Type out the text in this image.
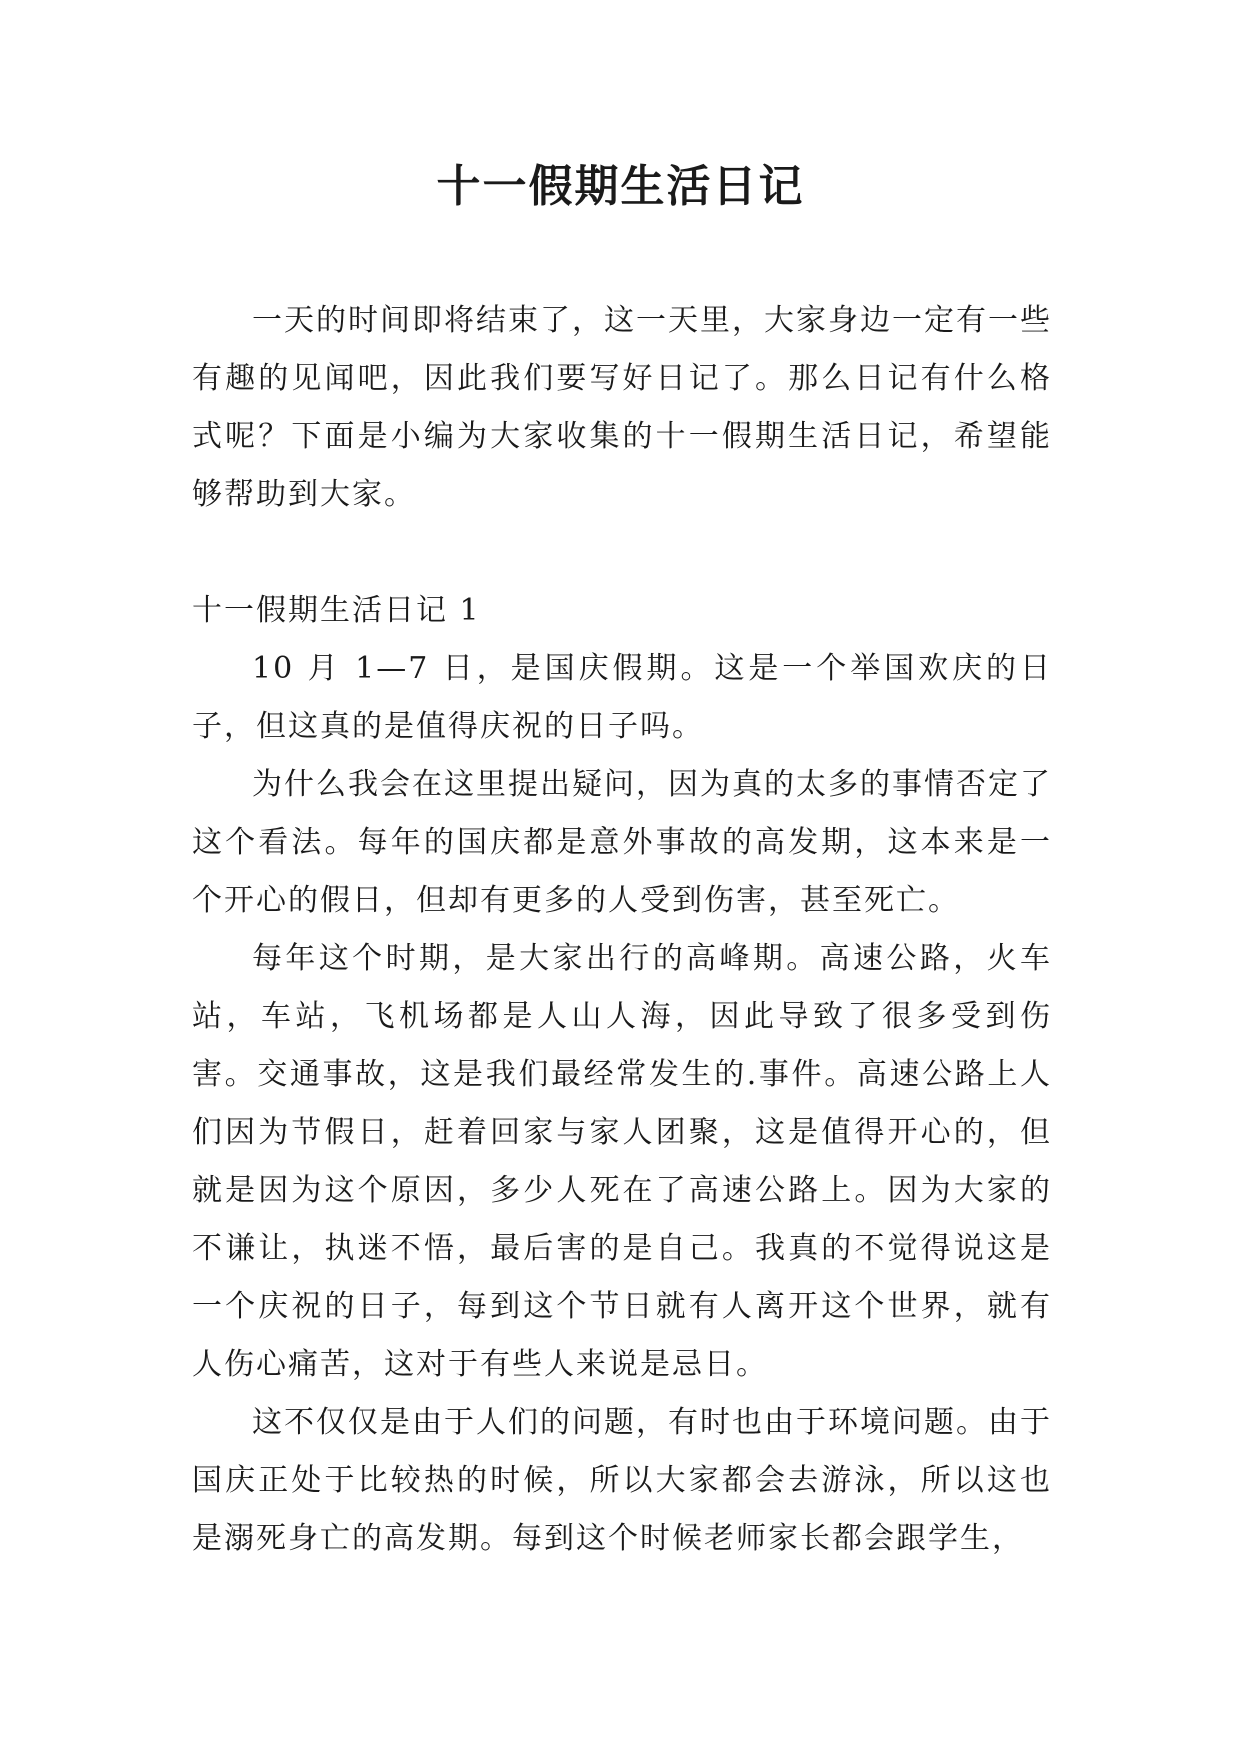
十一假期生活日记

一天的时间即将结束了，这一天里，大家身边一定有一些有趣的见闻吧，因此我们要写好日记了。那么日记有什么格式呢？下面是小编为大家收集的十一假期生活日记，希望能够帮助到大家。

十一假期生活日记 1

10 月 1—7 日，是国庆假期。这是一个举国欢庆的日子，但这真的是值得庆祝的日子吗。

为什么我会在这里提出疑问，因为真的太多的事情否定了这个看法。每年的国庆都是意外事故的高发期，这本来是一个开心的假日，但却有更多的人受到伤害，甚至死亡。

每年这个时期，是大家出行的高峰期。高速公路，火车站，车站，飞机场都是人山人海，因此导致了很多受到伤害。交通事故，这是我们最经常发生的.事件。高速公路上人们因为节假日，赶着回家与家人团聚，这是值得开心的，但就是因为这个原因，多少人死在了高速公路上。因为大家的不谦让，执迷不悟，最后害的是自己。我真的不觉得说这是一个庆祝的日子，每到这个节日就有人离开这个世界，就有人伤心痛苦，这对于有些人来说是忌日。

这不仅仅是由于人们的问题，有时也由于环境问题。由于国庆正处于比较热的时候，所以大家都会去游泳，所以这也是溺死身亡的高发期。每到这个时候老师家长都会跟学生，
